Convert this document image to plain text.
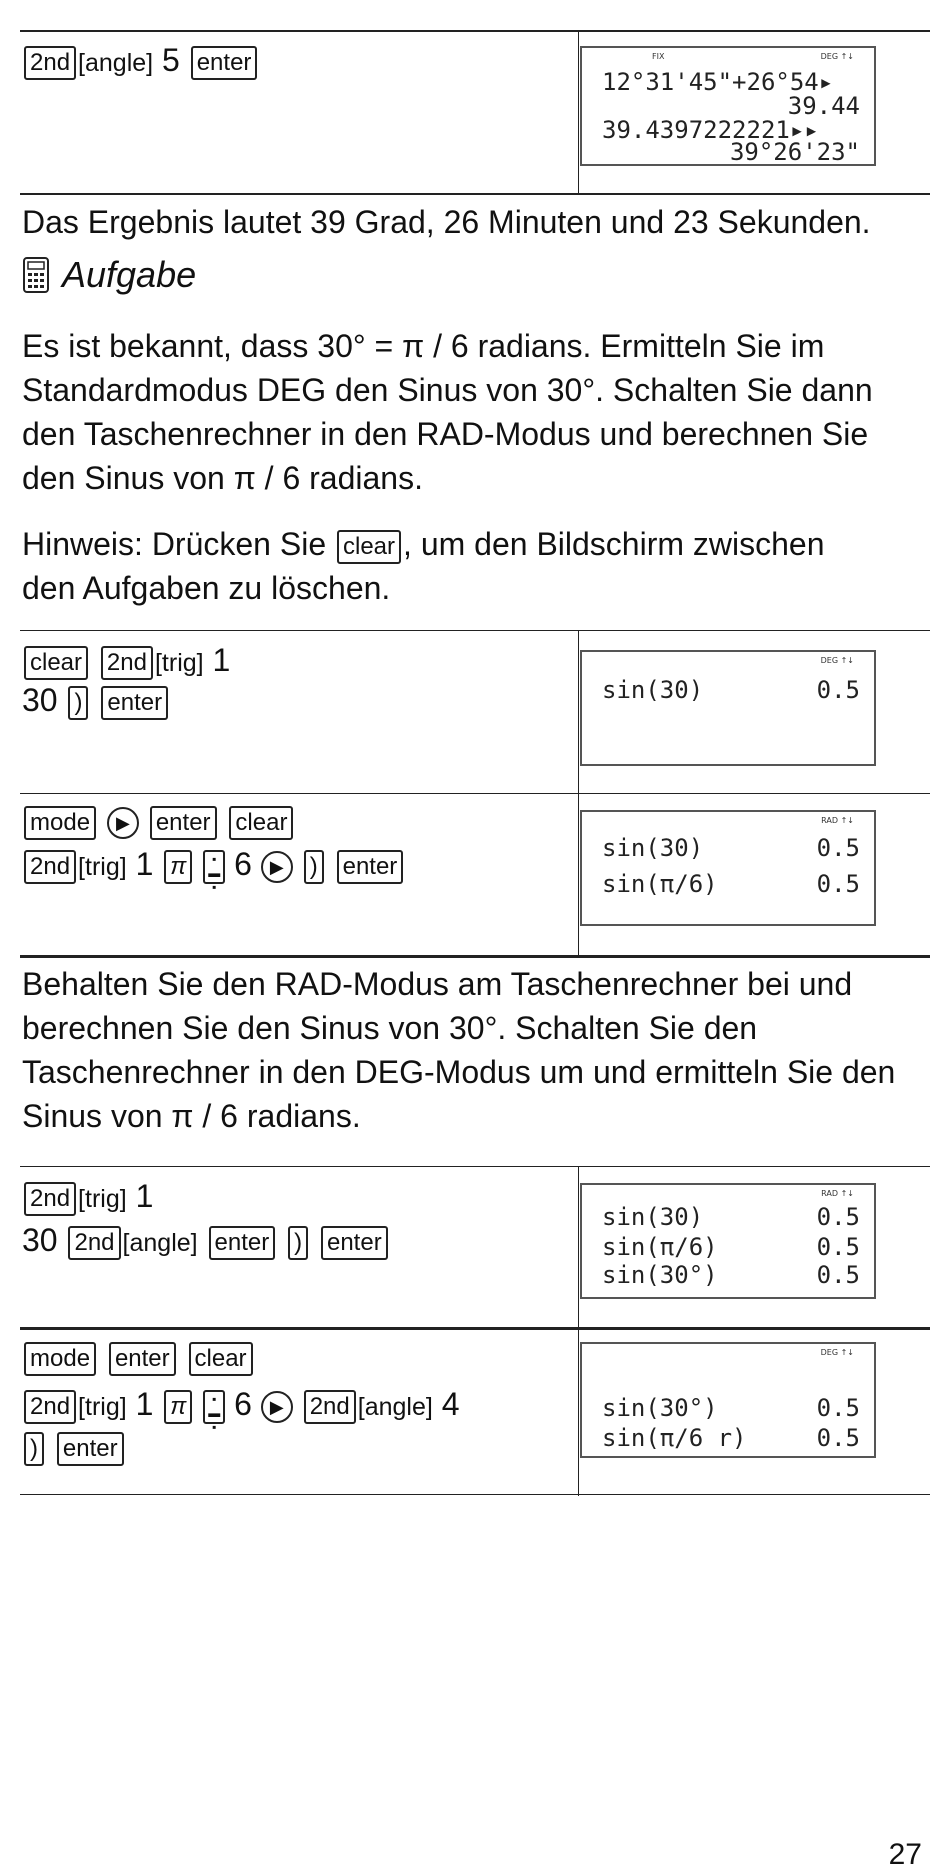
2nd [ angle ] 5 enter	FIX	DEG ↑↓
12°31'45"+26°54▸
39.44
39.4397222221▸▸
39°26'23"
Das Ergebnis lautet 39 Grad, 26 Minuten und 23 Sekunden.
Aufgabe
Es ist bekannt, dass 30° = π / 6 radians. Ermitteln Sie im
Standardmodus DEG den Sinus von 30°. Schalten Sie dann
den Taschenrechner in den RAD-Modus und berechnen Sie
den Sinus von π / 6 radians.
Hinweis: Drücken Sie clear , um den Bildschirm zwischen
den Aufgaben zu löschen.
clear 2nd [ trig ] 1
30 ) enter
DEG ↑↓
sin(30)	0.5
mode ▶ enter clear
2nd [ trig ] 1 π ▪
▬
▪ 6 ▶ ) enter
RAD ↑↓
sin(30)	0.5
sin(π/6)	0.5
Behalten Sie den RAD-Modus am Taschenrechner bei und
berechnen Sie den Sinus von 30°. Schalten Sie den
Taschenrechner in den DEG-Modus um und ermitteln Sie den
Sinus von π / 6 radians.
2nd [ trig ] 1
30 2nd [ angle ] enter ) enter
RAD ↑↓
sin(30)	0.5
sin(π/6)	0.5
sin(30°)	0.5
mode enter clear
2nd [ trig ] 1 π ▪
▬
▪ 6 ▶ 2nd [ angle ] 4
) enter
DEG ↑↓
sin(30°)	0.5
sin(π/6 r)	0.5
27
